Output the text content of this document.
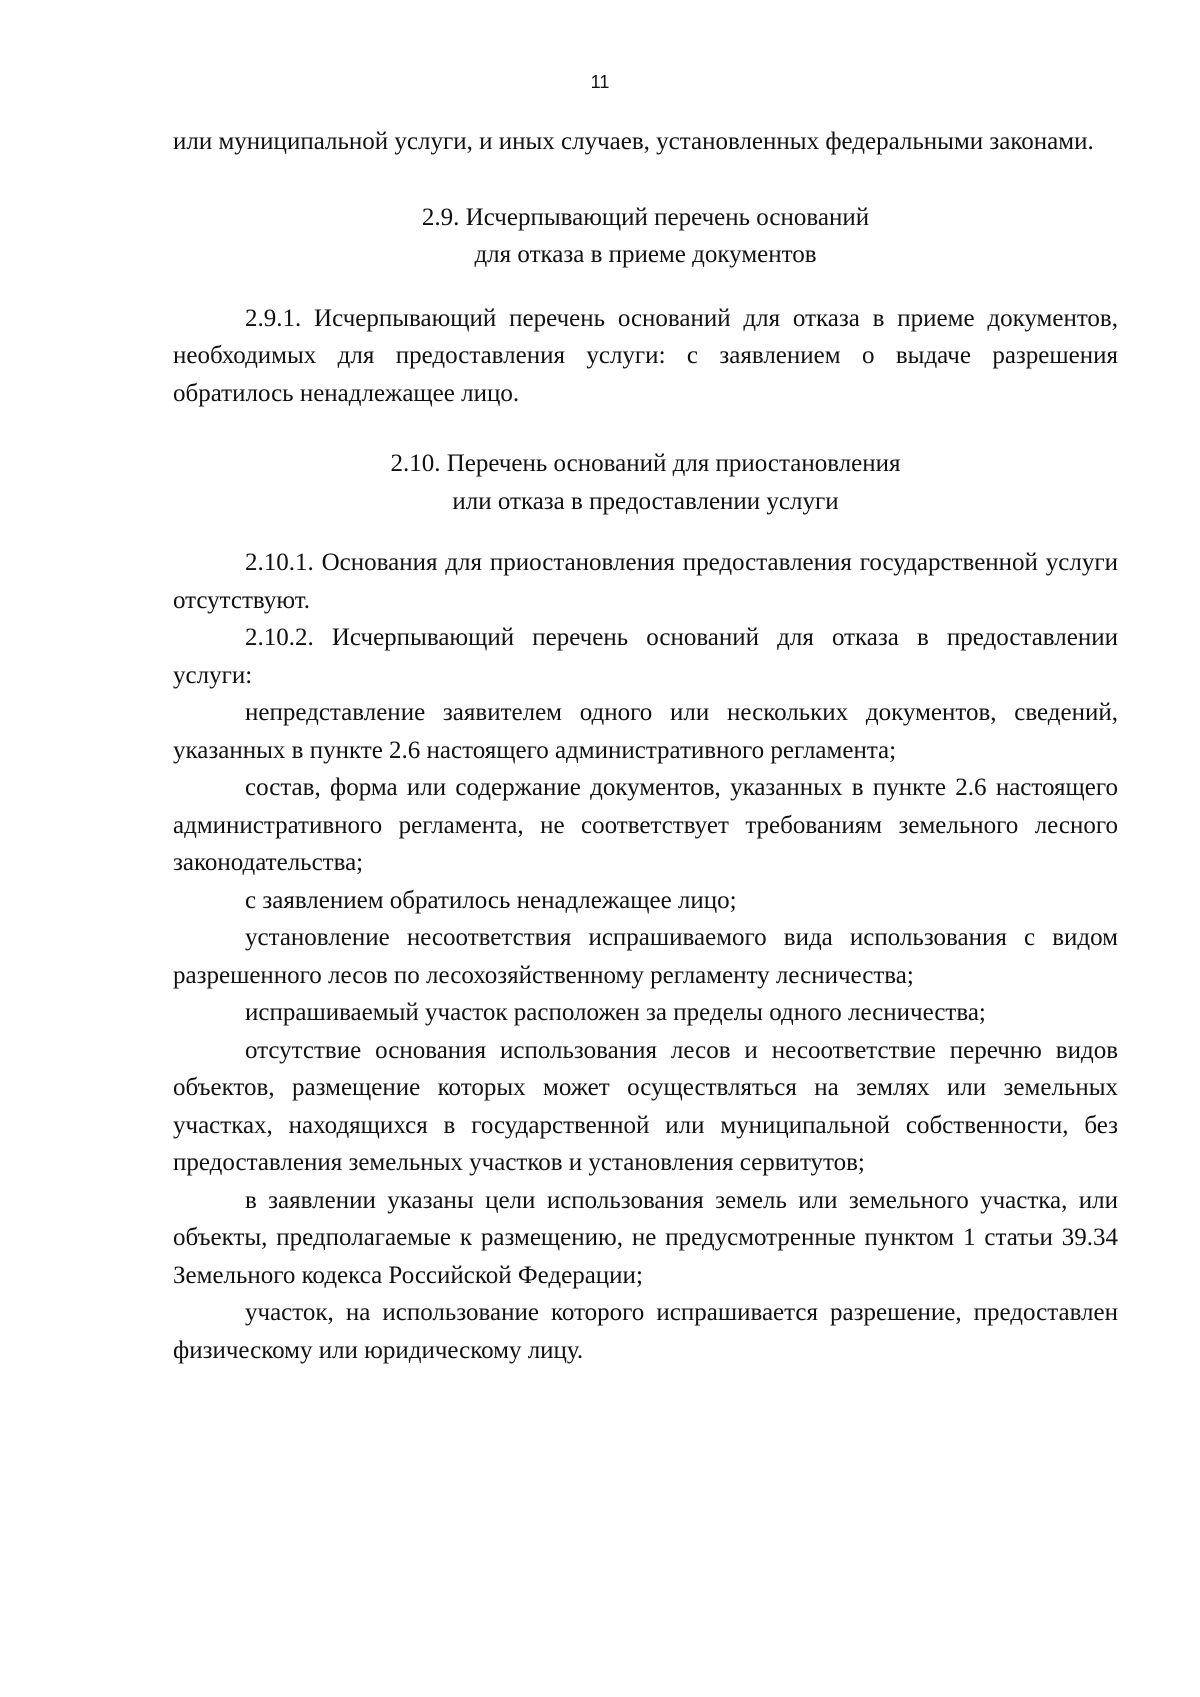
11

или муниципальной услуги, и иных случаев, установленных федеральными законами.

2.9. Исчерпывающий перечень оснований
для отказа в приеме документов

2.9.1. Исчерпывающий перечень оснований для отказа в приеме документов, необходимых для предоставления услуги: с заявлением о выдаче разрешения обратилось ненадлежащее лицо.

2.10. Перечень оснований для приостановления
или отказа в предоставлении услуги

2.10.1. Основания для приостановления предоставления государственной услуги отсутствуют.

2.10.2. Исчерпывающий перечень оснований для отказа в предоставлении услуги:

непредставление заявителем одного или нескольких документов, сведений, указанных в пункте 2.6 настоящего административного регламента;

состав, форма или содержание документов, указанных в пункте 2.6 настоящего административного регламента, не соответствует требованиям земельного лесного законодательства;

с заявлением обратилось ненадлежащее лицо;

установление несоответствия испрашиваемого вида использования с видом разрешенного лесов по лесохозяйственному регламенту лесничества;

испрашиваемый участок расположен за пределы одного лесничества;

отсутствие основания использования лесов и несоответствие перечню видов объектов, размещение которых может осуществляться на землях или земельных участках, находящихся в государственной или муниципальной собственности, без предоставления земельных участков и установления сервитутов;

в заявлении указаны цели использования земель или земельного участка, или объекты, предполагаемые к размещению, не предусмотренные пунктом 1 статьи 39.34 Земельного кодекса Российской Федерации;

участок, на использование которого испрашивается разрешение, предоставлен физическому или юридическому лицу.
